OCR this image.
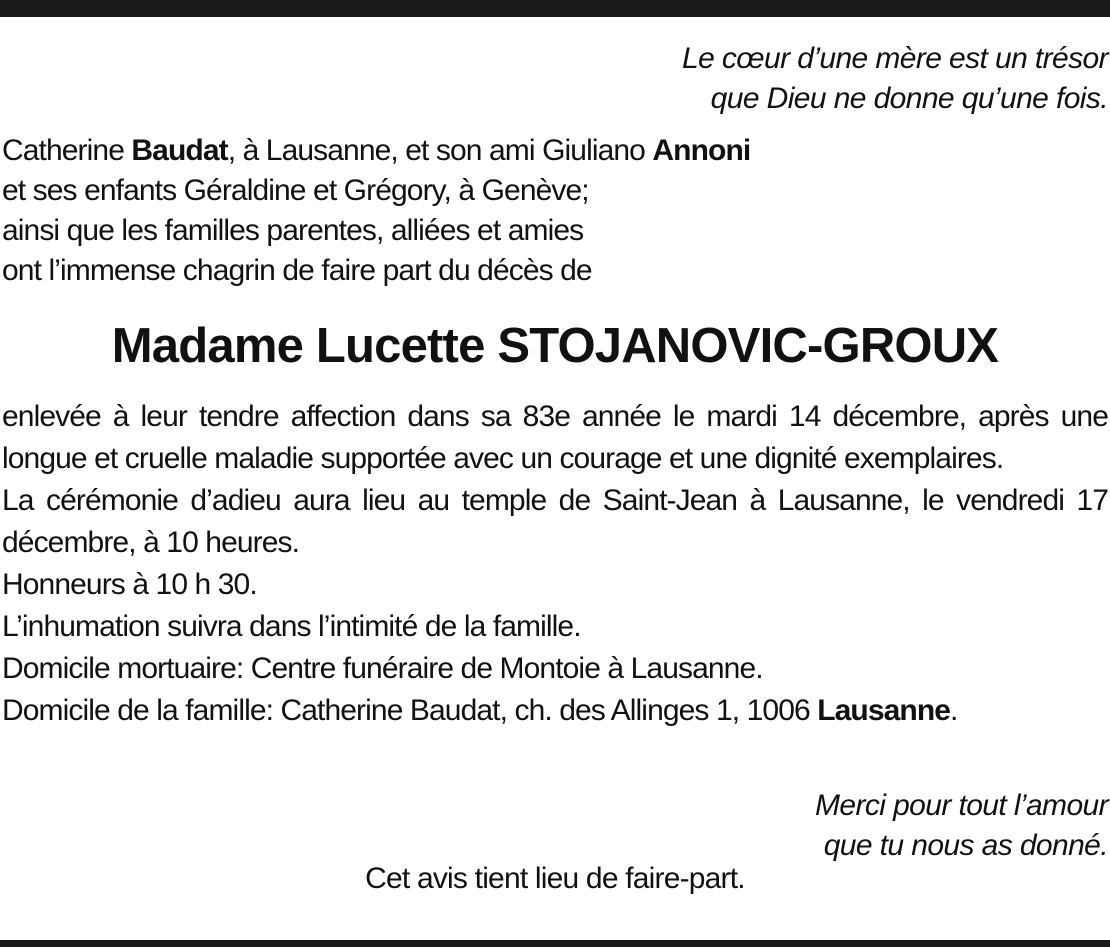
Le cœur d’une mère est un trésor
que Dieu ne donne qu’une fois.
Catherine Baudat, à Lausanne, et son ami Giuliano Annoni
et ses enfants Géraldine et Grégory, à Genève;
ainsi que les familles parentes, alliées et amies
ont l’immense chagrin de faire part du décès de
Madame Lucette STOJANOVIC-GROUX

enlevée à leur tendre affection dans sa 83e année le mardi 14 décembre, après une longue et cruelle maladie supportée avec un courage et une dignité exemplaires.

La cérémonie d’adieu aura lieu au temple de Saint-Jean à Lausanne, le vendredi 17 décembre, à 10 heures.

Honneurs à 10 h 30.

L’inhumation suivra dans l’intimité de la famille.

Domicile mortuaire: Centre funéraire de Montoie à Lausanne.

Domicile de la famille: Catherine Baudat, ch. des Allinges 1, 1006 Lausanne.

Merci pour tout l’amour
que tu nous as donné.
Cet avis tient lieu de faire-part.
